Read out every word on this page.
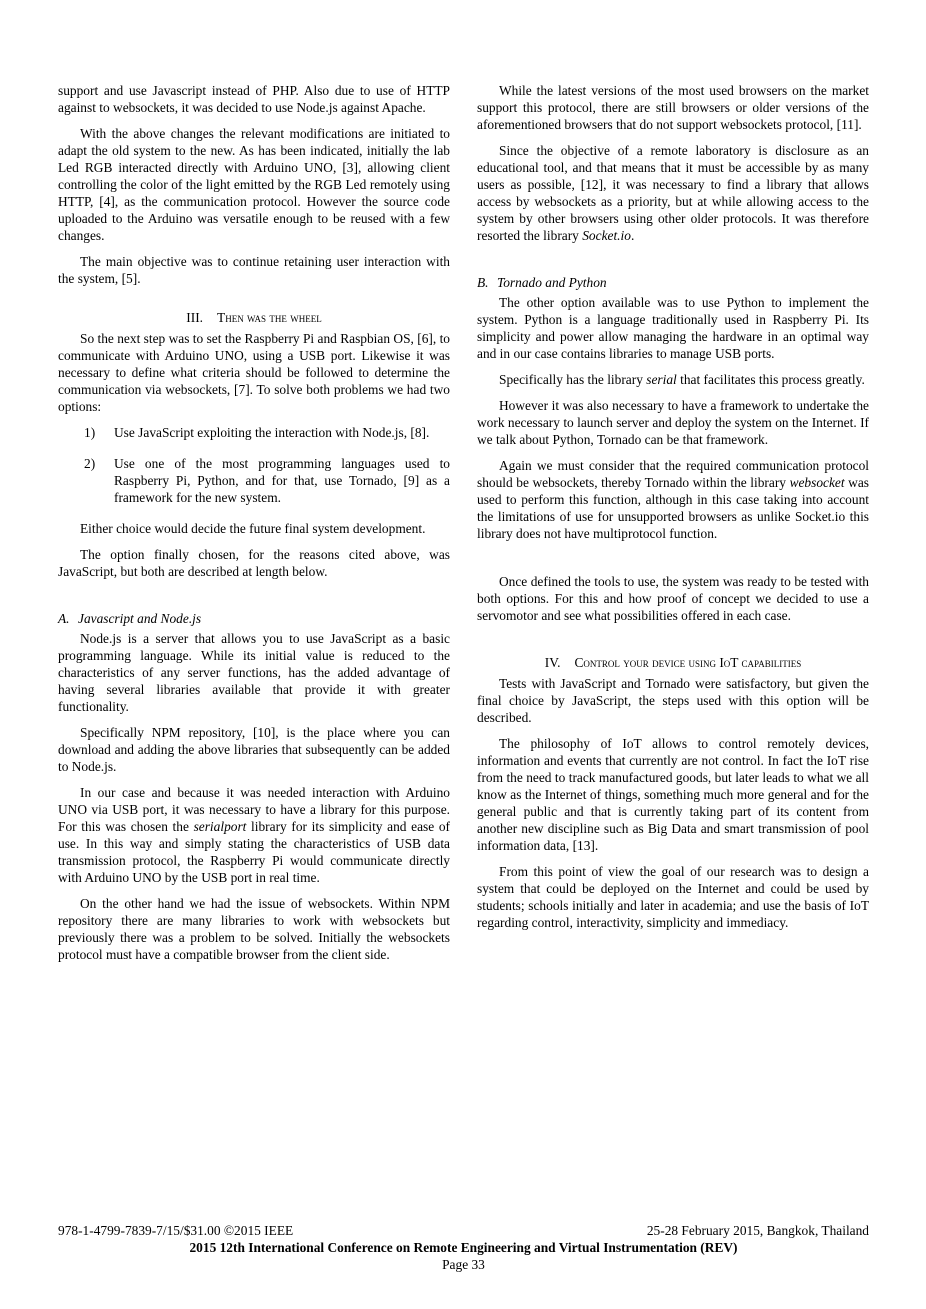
support and use Javascript instead of PHP. Also due to use of HTTP against to websockets, it was decided to use Node.js against Apache.

With the above changes the relevant modifications are initiated to adapt the old system to the new. As has been indicated, initially the lab Led RGB interacted directly with Arduino UNO, [3], allowing client controlling the color of the light emitted by the RGB Led remotely using HTTP, [4], as the communication protocol. However the source code uploaded to the Arduino was versatile enough to be reused with a few changes.

The main objective was to continue retaining user interaction with the system, [5].

III. Then was the wheel

So the next step was to set the Raspberry Pi and Raspbian OS, [6], to communicate with Arduino UNO, using a USB port. Likewise it was necessary to define what criteria should be followed to determine the communication via websockets, [7]. To solve both problems we had two options:

1) Use JavaScript exploiting the interaction with Node.js, [8].
2) Use one of the most programming languages used to Raspberry Pi, Python, and for that, use Tornado, [9] as a framework for the new system.

Either choice would decide the future final system development.

The option finally chosen, for the reasons cited above, was JavaScript, but both are described at length below.

A. Javascript and Node.js

Node.js is a server that allows you to use JavaScript as a basic programming language. While its initial value is reduced to the characteristics of any server functions, has the added advantage of having several libraries available that provide it with greater functionality.

Specifically NPM repository, [10], is the place where you can download and adding the above libraries that subsequently can be added to Node.js.

In our case and because it was needed interaction with Arduino UNO via USB port, it was necessary to have a library for this purpose. For this was chosen the serialport library for its simplicity and ease of use. In this way and simply stating the characteristics of USB data transmission protocol, the Raspberry Pi would communicate directly with Arduino UNO by the USB port in real time.

On the other hand we had the issue of websockets. Within NPM repository there are many libraries to work with websockets but previously there was a problem to be solved. Initially the websockets protocol must have a compatible browser from the client side.

While the latest versions of the most used browsers on the market support this protocol, there are still browsers or older versions of the aforementioned browsers that do not support websockets protocol, [11].

Since the objective of a remote laboratory is disclosure as an educational tool, and that means that it must be accessible by as many users as possible, [12], it was necessary to find a library that allows access by websockets as a priority, but at while allowing access to the system by other browsers using other older protocols. It was therefore resorted the library Socket.io.

B. Tornado and Python

The other option available was to use Python to implement the system. Python is a language traditionally used in Raspberry Pi. Its simplicity and power allow managing the hardware in an optimal way and in our case contains libraries to manage USB ports.

Specifically has the library serial that facilitates this process greatly.

However it was also necessary to have a framework to undertake the work necessary to launch server and deploy the system on the Internet. If we talk about Python, Tornado can be that framework.

Again we must consider that the required communication protocol should be websockets, thereby Tornado within the library websocket was used to perform this function, although in this case taking into account the limitations of use for unsupported browsers as unlike Socket.io this library does not have multiprotocol function.

Once defined the tools to use, the system was ready to be tested with both options. For this and how proof of concept we decided to use a servomotor and see what possibilities offered in each case.

IV. Control your device using IoT capabilities

Tests with JavaScript and Tornado were satisfactory, but given the final choice by JavaScript, the steps used with this option will be described.

The philosophy of IoT allows to control remotely devices, information and events that currently are not control. In fact the IoT rise from the need to track manufactured goods, but later leads to what we all know as the Internet of things, something much more general and for the general public and that is currently taking part of its content from another new discipline such as Big Data and smart transmission of pool information data, [13].

From this point of view the goal of our research was to design a system that could be deployed on the Internet and could be used by students; schools initially and later in academia; and use the basis of IoT regarding control, interactivity, simplicity and immediacy.

978-1-4799-7839-7/15/$31.00 ©2015 IEEE	25-28 February 2015, Bangkok, Thailand
2015 12th International Conference on Remote Engineering and Virtual Instrumentation (REV)
Page 33
